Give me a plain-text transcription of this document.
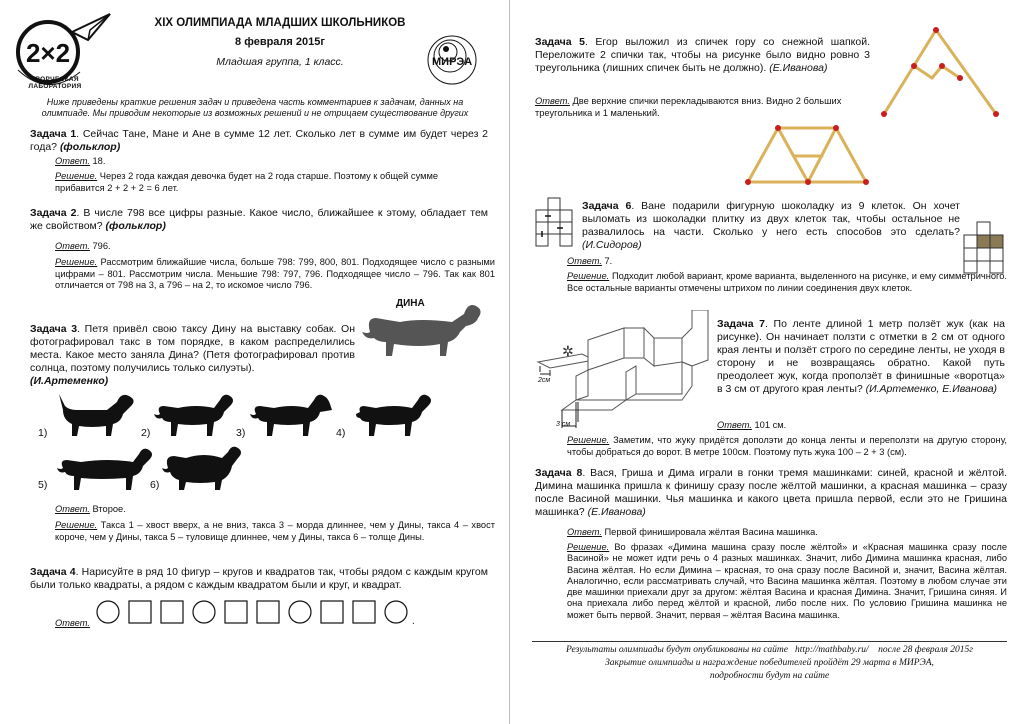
2×2
ТВОРЧЕСКАЯ ЛАБОРАТОРИЯ
XIX ОЛИМПИАДА МЛАДШИХ ШКОЛЬНИКОВ
8 февраля 2015г
Младшая группа, 1 класс.	МИРЭА
Ниже приведены краткие решения задач и приведена часть комментариев к задачам, данных на олимпиаде. Мы приводим некоторые из возможных решений и не отрицаем существование других
Задача 1. Сейчас Тане, Мане и Ане в сумме 12 лет. Сколько лет в сумме им будет через 2 года? (фольклор)
Ответ. 18.
Решение. Через 2 года каждая девочка будет на 2 года старше. Поэтому к общей сумме прибавится 2 + 2 + 2 = 6 лет.
Задача 2. В числе 798 все цифры разные. Какое число, ближайшее к этому, обладает тем же свойством? (фольклор)
Ответ. 796.
Решение. Рассмотрим ближайшие числа, больше 798: 799, 800, 801. Подходящее число с разными цифрами – 801. Рассмотрим числа. Меньшие 798: 797, 796. Подходящее число – 796. Так как 801 отличается от 798 на 3, а 796 – на 2, то искомое число 796.
ДИНА
Задача 3. Петя привёл свою таксу Дину на выставку собак. Он фотографировал такс в том порядке, в каком распределились места. Какое место заняла Дина? (Петя фотографировал против солнца, поэтому получились только силуэты).
(И.Артеменко)
1)	2)	3)	4)
5)	6)
Ответ. Второе.
Решение. Такса 1 – хвост вверх, а не вниз, такса 3 – морда длиннее, чем у Дины, такса 4 – хвост короче, чем у Дины, такса 5 – туловище длиннее, чем у Дины, такса 6 – толще Дины.
Задача 4. Нарисуйте в ряд 10 фигур – кругов и квадратов так, чтобы рядом с каждым кругом были только квадраты, а рядом с каждым квадратом были и круг, и квадрат.
Ответ.	.
Задача 5. Егор выложил из спичек гору со снежной шапкой. Переложите 2 спички так, чтобы на рисунке было видно ровно 3 треугольника (лишних спичек быть не должно). (Е.Иванова)
Ответ. Две верхние спички перекладываются вниз. Видно 2 больших треугольника и 1 маленький.
Задача 6. Ване подарили фигурную шоколадку из 9 клеток. Он хочет выломать из шоколадки плитку из двух клеток так, чтобы остальное не развалилось на части. Сколько у него есть способов это сделать? (И.Сидоров)
Ответ. 7.
Решение. Подходит любой вариант, кроме варианта, выделенного на рисунке, и ему симметричного. Все остальные варианты отмечены штрихом по линии соединения двух клеток.
✲
2см
3 см
Задача 7. По ленте длиной 1 метр ползёт жук (как на рисунке). Он начинает ползти с отметки в 2 см от одного края ленты и ползёт строго по середине ленты, не уходя в сторону и не возвращаясь обратно. Какой путь преодолеет жук, когда проползёт в финишные «воротца» в 3 см от другого края ленты? (И.Артеменко, Е.Иванова)
Ответ. 101 см.
Решение. Заметим, что жуку придётся дополэти до конца ленты и переползти на другую сторону, чтобы добраться до ворот. В метре 100см. Поэтому путь жука 100 – 2 + 3 (см).
Задача 8. Вася, Гриша и Дима играли в гонки тремя машинками: синей, красной и жёлтой. Димина машинка пришла к финишу сразу после жёлтой машинки, а красная машинка – сразу после Васиной машинки. Чья машинка и какого цвета пришла первой, если это не Гришина машинка? (Е.Иванова)
Ответ. Первой финишировала жёлтая Васина машинка.
Решение. Во фразах «Димина машина сразу после жёлтой» и «Красная машинка сразу после Васиной» не может идти речь о 4 разных машинках. Значит, либо Димина машинка красная, либо Васина жёлтая. Но если Димина – красная, то она сразу после Васиной и, значит, Васина жёлтая. Аналогично, если рассматривать случай, что Васина машинка жёлтая. Поэтому в любом случае эти две машинки приехали друг за другом: жёлтая Васина и красная Димина. Значит, Гришина синяя. И она приехала либо перед жёлтой и красной, либо после них. По условию Гришина машинка не может быть первой. Значит, первая – жёлтая Васина машинка.
Результаты олимпиады будут опубликованы на сайте http://mathbaby.ru/ после 28 февраля 2015г
Закрытие олимпиады и награждение победителей пройдёт 29 марта в МИРЭА,
подробности будут на сайте
